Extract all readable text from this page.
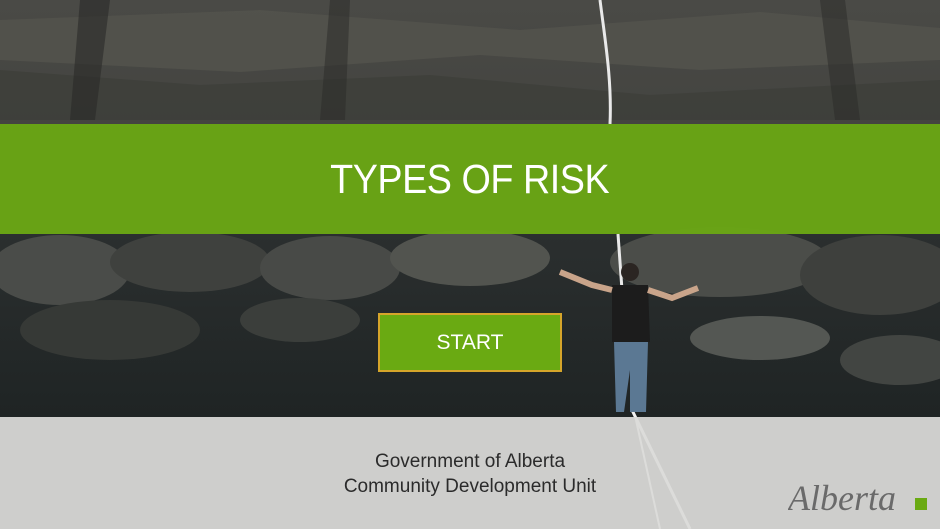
TYPES OF RISK
START
Government of Alberta
Community Development Unit	Alberta
